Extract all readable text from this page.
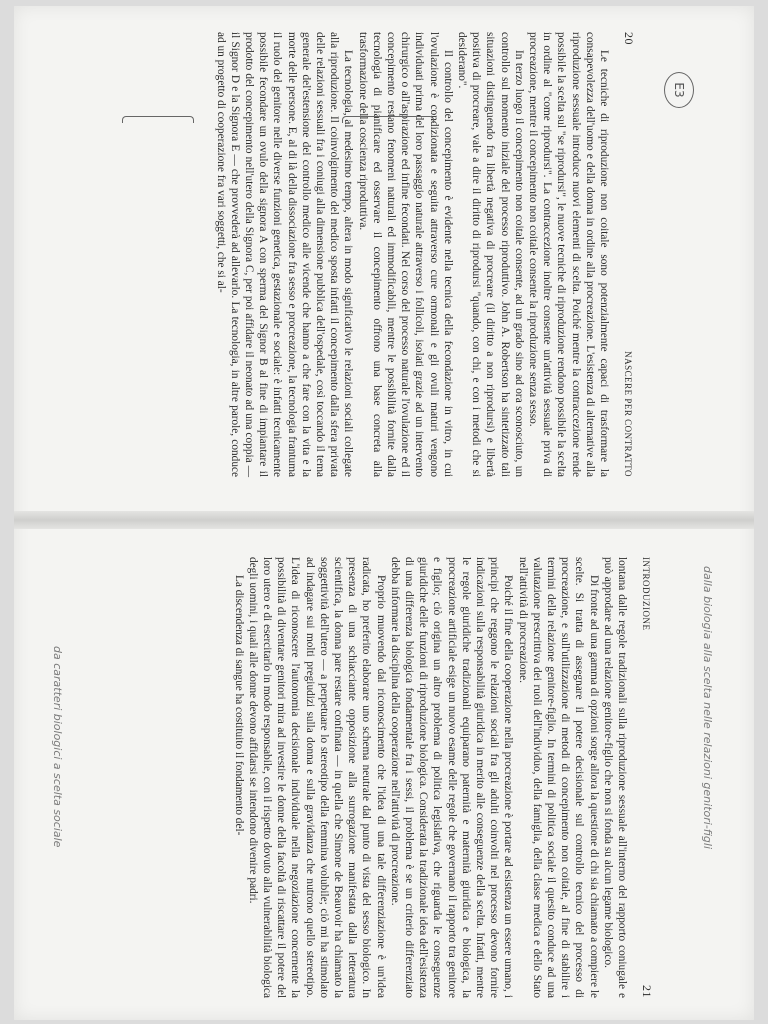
20
NASCERE PER CONTRATTO

Le tecniche di riproduzione non coitale sono potenzialmente capaci di trasformare la consapevolezza dell'uomo e della donna in ordine alla procreazione. L'esistenza di alternative alla riproduzione sessuale introduce nuovi elementi di scelta. Poiché mentre la contraccezione rende possibile la scelta sul "se riprodursi", le nuove tecniche di riproduzione rendono possibile la scelta in ordine al "come riprodursi". La contraccezione inoltre consente un'attività sessuale priva di procreazione, mentre il concepimento non coitale consente la riproduzione senza sesso.

In terzo luogo il concepimento non coitale consente, ad un grado sino ad ora sconosciuto, un controllo sul momento iniziale del processo riproduttivo. John A. Robertson ha sintetizzato tali situazioni distinguendo fra libertà negativa di procreare (il diritto a non riprodursi) e libertà positiva di procreare, vale a dire il diritto di riprodursi "quando, con chi, e con i metodi che si desiderano".

Il controllo del concepimento è evidente nella tecnica della fecondazione in vitro, in cui l'ovulazione è condizionata e seguita attraverso cure ormonali e gli ovuli maturi vengono individuati prima del loro passaggio naturale attraverso i follicoli, isolati grazie ad un intervento chirurgico o all'aspirazione ed infine fecondati. Nel corso del processo naturale l'ovulazione ed il concepimento restano fenomeni naturali ed immodificabili, mentre le possibilità fornite dalla tecnologia di pianificare ed osservare il concepimento offrono una base concreta alla trasformazione della coscienza riproduttiva.

La tecnologia, al medesimo tempo, altera in modo significativo le relazioni sociali collegate alla riproduzione. Il coinvolgimento del medico sposta infatti il concepimento dalla sfera privata delle relazioni sessuali fra i coniugi alla dimensione pubblica dell'ospedale, così toccando il tema generale del'estensione del controllo medico alle vicende che hanno a che fare con la vita e la morte delle persone. E, al di là della dissociazione fra sesso e procreazione, la tecnologia frantuma il ruolo del genitore nelle diverse funzioni genetica, gestazionale e sociale: è infatti tecnicamente possibile fecondare un ovulo della signora A con sperma del Signor B al fine di impiantare il prodotto del concepimento nell'utero della Signora C, per poi affidare il neonato ad una coppia — il Signor D e la Signora E — che provvederà ad allevarlo. La tecnologia, in altre parole, conduce ad un progetto di cooperazione fra vari soggetti, che si al-

INTRODUZIONE
21

lontana dalle regole tradizionali sulla riproduzione sessuale all'interno del rapporto coniugale e può approdare ad una relazione genitore-figlio che non si fonda su alcun legame biologico.

Di fronte ad una gamma di opzioni sorge allora la questione di chi sia chiamato a compiere le scelte. Si tratta di assegnare il potere decisionale sul controllo tecnico del processo di procreazione, e sull'utilizzazione di metodi di concepimento non coitale, al fine di stabilire i termini della relazione genitore-figlio. In termini di politica sociale il quesito conduce ad una valutazione prescrittiva dei ruoli dell'individuo, della famiglia, della classe medica e dello Stato nell'attività di procreazione.

Poiché il fine della cooperazione nella procreazione è portare ad esistenza un essere umano, i principi che reggono le relazioni sociali fra gli adulti coinvolti nel processo devono fornire indicazioni sulla responsabilità giuridica in merito alle conseguenze della scelta. Infatti, mentre le regole giuridiche tradizionali equiparano paternità e maternità giuridica e biologica, la procreazione artificiale esige un nuovo esame delle regole che governano il rapporto tra genitore e figlio; ciò origina un altro problema di politica legislativa, che riguarda le conseguenze giuridiche delle funzioni di riproduzione biologica. Considerata la tradizionale idea dell'esistenza di una differenza biologica fondamentale fra i sessi, il problema è se un criterio differenziato debba informare la disciplina della cooperazione nell'attività di procreazione.

Proprio muovendo dal riconoscimento che l'idea di una tale differenziazione è un'idea radicata, ho preferito elaborare uno schema neutrale dal punto di vista del sesso biologico. In presenza di una schiacciante opposizione alla surrogazione manifestata dalla letteratura scientifica, la donna pare restare confinata — in quella che Simone de Beauvoir ha chiamato la soggettività dell'utero — a perpetuare lo stereotipo della femmina volubile; ciò mi ha stimolato ad indagare sui molti pregiudizi sulla donna e sulla gravidanza che nutrono quello stereotipo. L'idea di riconoscere l'autonomia decisionale individuale nella negoziazione concernente la possibilità di diventare genitori mira ad investire le donne della facoltà di riscattare il potere del loro utero e di esercitarlo in modo responsabile, con il rispetto dovuto alla vulnerabilità biologica degli uomini, i quali alle donne devono affidarsi se intendono divenire padri.

La discendenza di sangue ha costituito il fondamento del-

E3
dalla biologia alla scelta nelle relazioni genitori-figli
da caratteri biologici a scelta sociale
